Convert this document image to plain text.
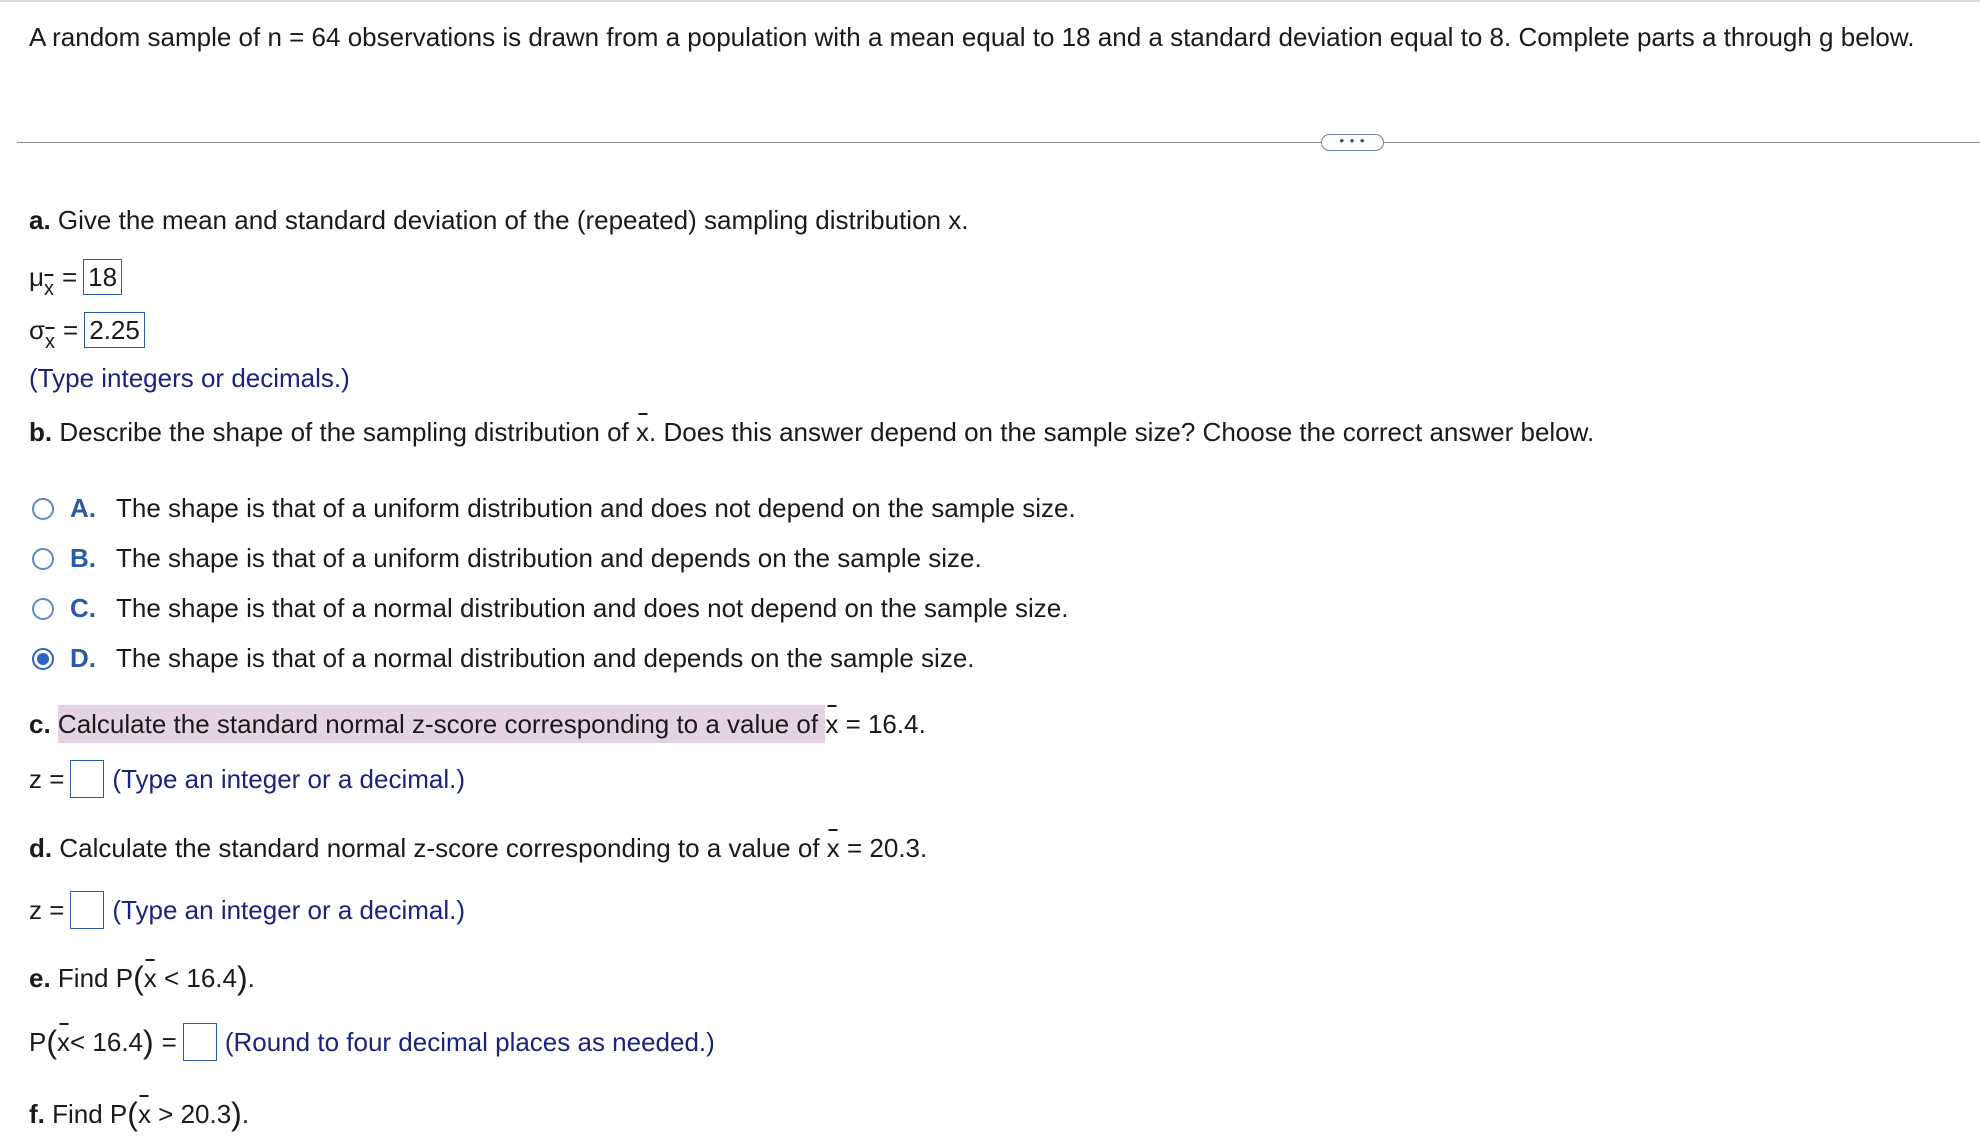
A random sample of n = 64 observations is drawn from a population with a mean equal to 18 and a standard deviation equal to 8. Complete parts a through g below.
• • •
a. Give the mean and standard deviation of the (repeated) sampling distribution x.
μx = 18
σx = 2.25
(Type integers or decimals.)
b. Describe the shape of the sampling distribution of x. Does this answer depend on the sample size? Choose the correct answer below.
A. The shape is that of a uniform distribution and does not depend on the sample size.
B. The shape is that of a uniform distribution and depends on the sample size.
C. The shape is that of a normal distribution and does not depend on the sample size.
D. The shape is that of a normal distribution and depends on the sample size.
c. Calculate the standard normal z-score corresponding to a value of x = 16.4.
z = (Type an integer or a decimal.)
d. Calculate the standard normal z-score corresponding to a value of x = 20.3.
z = (Type an integer or a decimal.)
e. Find P(x < 16.4).
P ( x < 16.4 ) = (Round to four decimal places as needed.)
f. Find P(x > 20.3).
